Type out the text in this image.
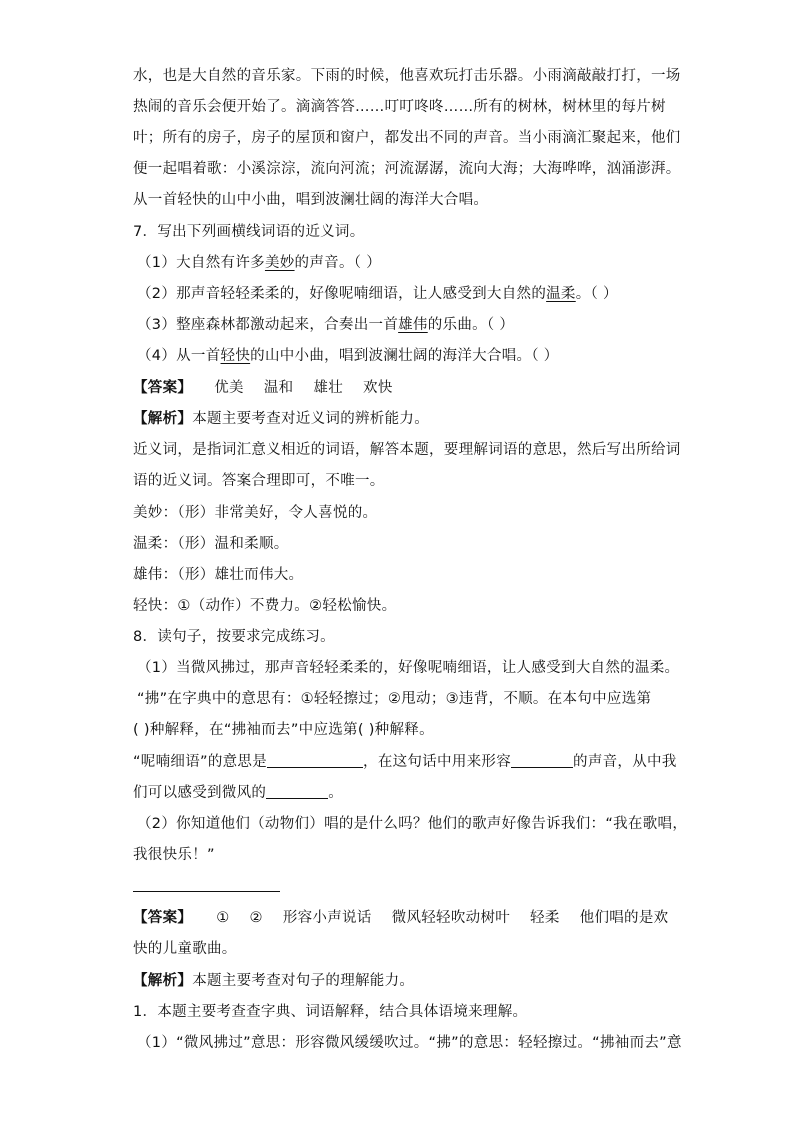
水，也是大自然的音乐家。下雨的时候，他喜欢玩打击乐器。小雨滴敲敲打打，一场
热闹的音乐会便开始了。滴滴答答……叮叮咚咚……所有的树林，树林里的每片树
叶；所有的房子，房子的屋顶和窗户，都发出不同的声音。当小雨滴汇聚起来，他们
便一起唱着歌：小溪淙淙，流向河流；河流潺潺，流向大海；大海哗哗，汹涌澎湃。
从一首轻快的山中小曲，唱到波澜壮阔的海洋大合唱。
7．写出下列画横线词语的近义词。
（1）大自然有许多美妙的声音。（ ）
（2）那声音轻轻柔柔的，好像呢喃细语，让人感受到大自然的温柔。（ ）
（3）整座森林都激动起来，合奏出一首雄伟的乐曲。（ ）
（4）从一首轻快的山中小曲，唱到波澜壮阔的海洋大合唱。（ ）
【答案】 优美 温和 雄壮 欢快
【解析】本题主要考查对近义词的辨析能力。
近义词，是指词汇意义相近的词语，解答本题，要理解词语的意思，然后写出所给词
语的近义词。答案合理即可，不唯一。
美妙：（形）非常美好，令人喜悦的。
温柔：（形）温和柔顺。
雄伟：（形）雄壮而伟大。
轻快：①（动作）不费力。②轻松愉快。
8．读句子，按要求完成练习。
（1）当微风拂过，那声音轻轻柔柔的，好像呢喃细语，让人感受到大自然的温柔。
“拂”在字典中的意思有：①轻轻擦过；②甩动；③违背，不顺。在本句中应选第
( )种解释，在“拂袖而去”中应选第( )种解释。
“呢喃细语”的意思是	，在这句话中用来形容	的声音，从中我
们可以感受到微风的	。
（2）你知道他们（动物们）唱的是什么吗？他们的歌声好像告诉我们：“我在歌唱，
我很快乐！”
【答案】 ① ② 形容小声说话 微风轻轻吹动树叶 轻柔 他们唱的是欢
快的儿童歌曲。
【解析】本题主要考查对句子的理解能力。
1．本题主要考查查字典、词语解释，结合具体语境来理解。
（1）“微风拂过”意思：形容微风缓缓吹过。“拂”的意思：轻轻擦过。“拂袖而去”意
